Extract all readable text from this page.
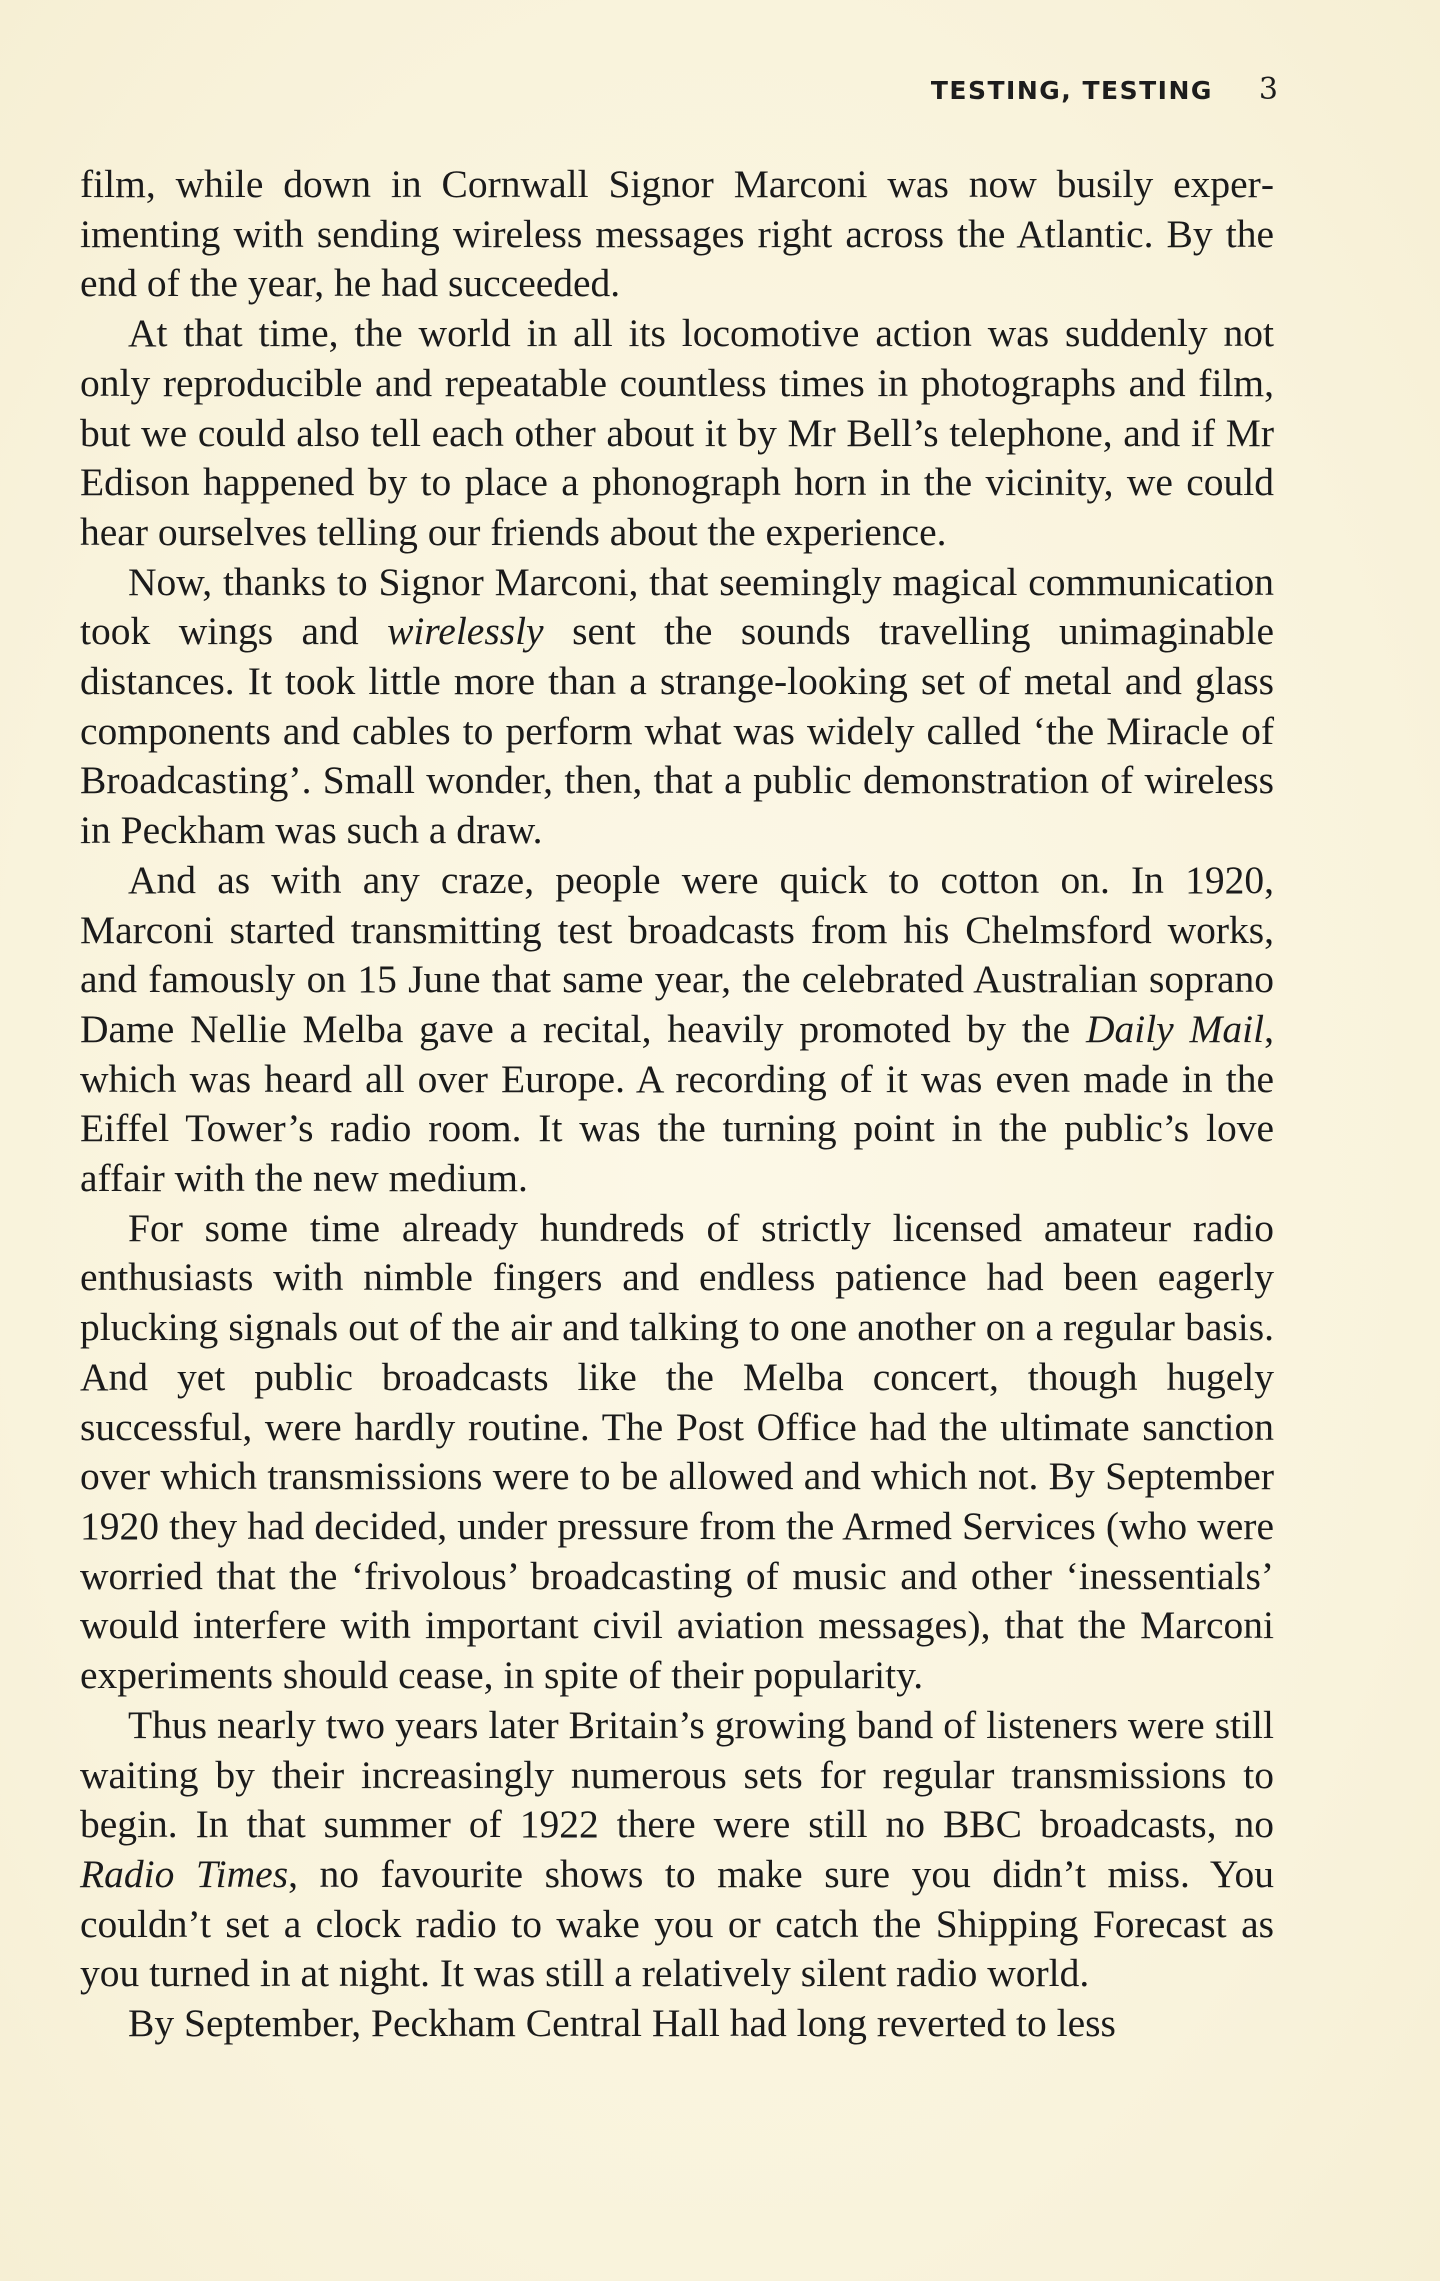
TESTING, TESTING 3

film, while down in Cornwall Signor Marconi was now busily experimenting with sending wireless messages right across the Atlantic. By the end of the year, he had succeeded.

At that time, the world in all its locomotive action was suddenly not only reproducible and repeatable countless times in photographs and film, but we could also tell each other about it by Mr Bell’s telephone, and if Mr Edison happened by to place a phonograph horn in the vicinity, we could hear ourselves telling our friends about the experience.

Now, thanks to Signor Marconi, that seemingly magical communication took wings and wirelessly sent the sounds travelling unimaginable distances. It took little more than a strange-looking set of metal and glass components and cables to perform what was widely called ‘the Miracle of Broadcasting’. Small wonder, then, that a public demonstration of wireless in Peckham was such a draw.

And as with any craze, people were quick to cotton on. In 1920, Marconi started transmitting test broadcasts from his Chelmsford works, and famously on 15 June that same year, the celebrated Australian soprano Dame Nellie Melba gave a recital, heavily promoted by the Daily Mail, which was heard all over Europe. A recording of it was even made in the Eiffel Tower’s radio room. It was the turning point in the public’s love affair with the new medium.

For some time already hundreds of strictly licensed amateur radio enthusiasts with nimble fingers and endless patience had been eagerly plucking signals out of the air and talking to one another on a regular basis. And yet public broadcasts like the Melba concert, though hugely successful, were hardly routine. The Post Office had the ultimate sanction over which transmissions were to be allowed and which not. By September 1920 they had decided, under pressure from the Armed Services (who were worried that the ‘frivolous’ broadcasting of music and other ‘inessentials’ would interfere with important civil aviation messages), that the Marconi experiments should cease, in spite of their popularity.

Thus nearly two years later Britain’s growing band of listeners were still waiting by their increasingly numerous sets for regular transmissions to begin. In that summer of 1922 there were still no BBC broadcasts, no Radio Times, no favourite shows to make sure you didn’t miss. You couldn’t set a clock radio to wake you or catch the Shipping Forecast as you turned in at night. It was still a relatively silent radio world.

By September, Peckham Central Hall had long reverted to less
